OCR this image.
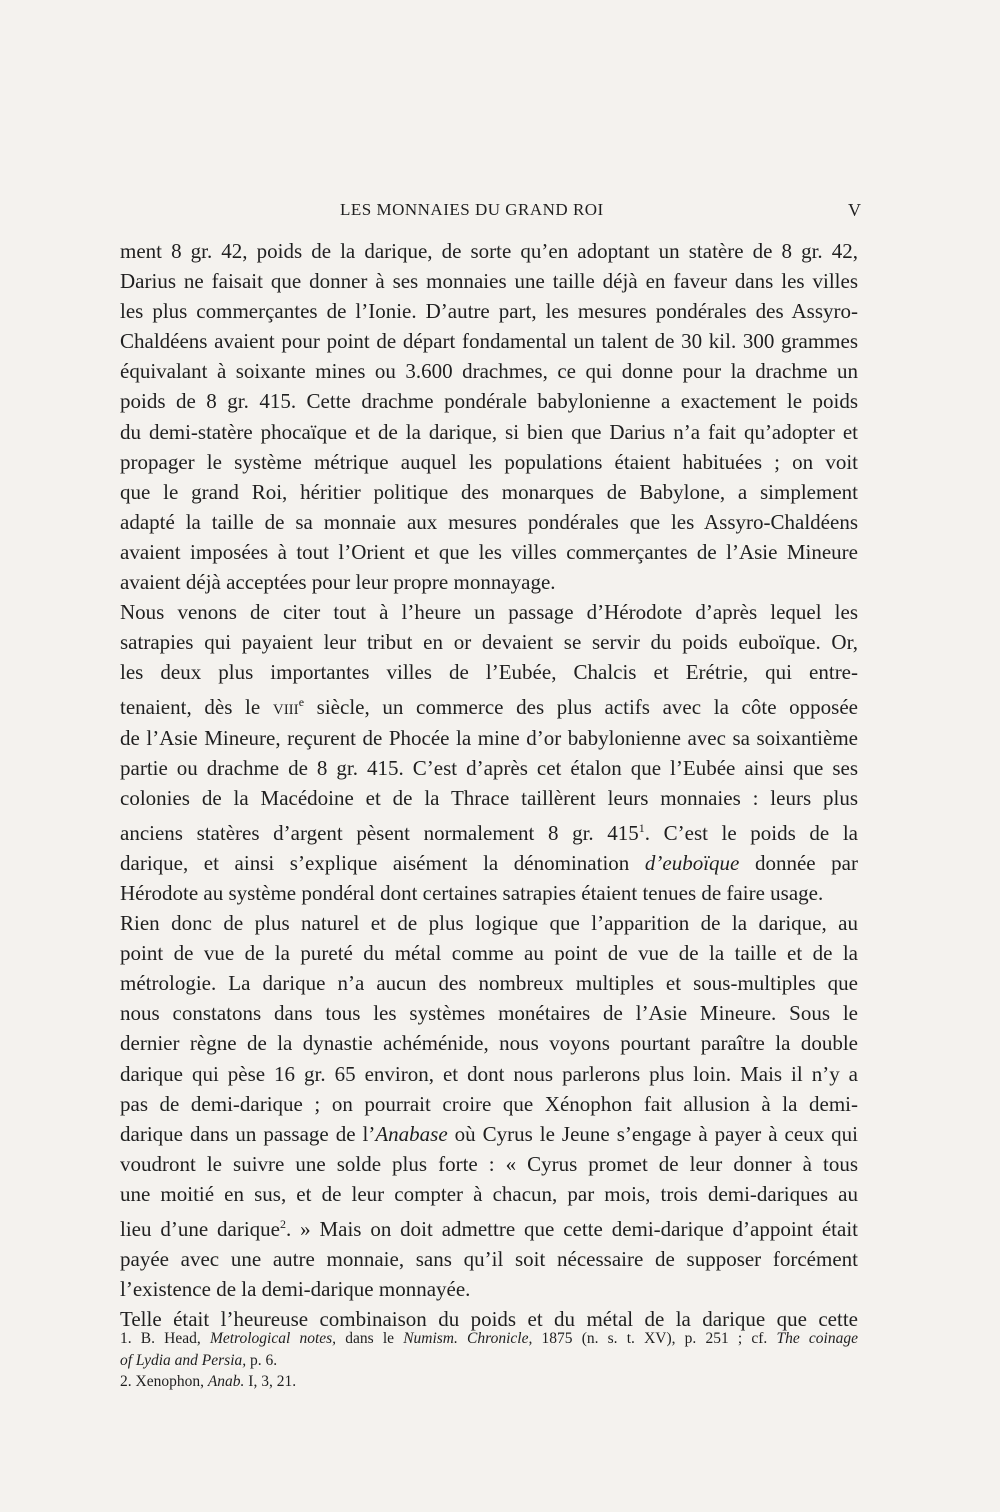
LES MONNAIES DU GRAND ROI	V

ment 8 gr. 42, poids de la darique, de sorte qu’en adoptant un statère de 8 gr. 42,
Darius ne faisait que donner à ses monnaies une taille déjà en faveur dans les villes
les plus commerçantes de l’Ionie. D’autre part, les mesures pondérales des Assyro-
Chaldéens avaient pour point de départ fondamental un talent de 30 kil. 300 grammes
équivalant à soixante mines ou 3.600 drachmes, ce qui donne pour la drachme un
poids de 8 gr. 415. Cette drachme pondérale babylonienne a exactement le poids
du demi-statère phocaïque et de la darique, si bien que Darius n’a fait qu’adopter et
propager le système métrique auquel les populations étaient habituées ; on voit
que le grand Roi, héritier politique des monarques de Babylone, a simplement
adapté la taille de sa monnaie aux mesures pondérales que les Assyro-Chaldéens
avaient imposées à tout l’Orient et que les villes commerçantes de l’Asie Mineure
avaient déjà acceptées pour leur propre monnayage.

Nous venons de citer tout à l’heure un passage d’Hérodote d’après lequel les
satrapies qui payaient leur tribut en or devaient se servir du poids euboïque. Or,
les deux plus importantes villes de l’Eubée, Chalcis et Erétrie, qui entre-
tenaient, dès le viii$^e$ siècle, un commerce des plus actifs avec la côte opposée
de l’Asie Mineure, reçurent de Phocée la mine d’or babylonienne avec sa soixantième
partie ou drachme de 8 gr. 415. C’est d’après cet étalon que l’Eubée ainsi que ses
colonies de la Macédoine et de la Thrace taillèrent leurs monnaies : leurs plus
anciens statères d’argent pèsent normalement 8 gr. $415^1$. C’est le poids de la
darique, et ainsi s’explique aisément la dénomination d’euboïque donnée par
Hérodote au système pondéral dont certaines satrapies étaient tenues de faire usage.

Rien donc de plus naturel et de plus logique que l’apparition de la darique, au
point de vue de la pureté du métal comme au point de vue de la taille et de la
métrologie. La darique n’a aucun des nombreux multiples et sous-multiples que
nous constatons dans tous les systèmes monétaires de l’Asie Mineure. Sous le
dernier règne de la dynastie achéménide, nous voyons pourtant paraître la double
darique qui pèse 16 gr. 65 environ, et dont nous parlerons plus loin. Mais il n’y a
pas de demi-darique ; on pourrait croire que Xénophon fait allusion à la demi-
darique dans un passage de l’Anabase où Cyrus le Jeune s’engage à payer à ceux qui
voudront le suivre une solde plus forte : « Cyrus promet de leur donner à tous
une moitié en sus, et de leur compter à chacun, par mois, trois demi-dariques au
lieu d’une darique$^2$. » Mais on doit admettre que cette demi-darique d’appoint était
payée avec une autre monnaie, sans qu’il soit nécessaire de supposer forcément
l’existence de la demi-darique monnayée.

Telle était l’heureuse combinaison du poids et du métal de la darique que cette

1. B. Head, Metrological notes, dans le Numism. Chronicle, 1875 (n. s. t. XV), p. 251 ; cf. The coinage
of Lydia and Persia, p. 6.
2. Xenophon, Anab. I, 3, 21.
